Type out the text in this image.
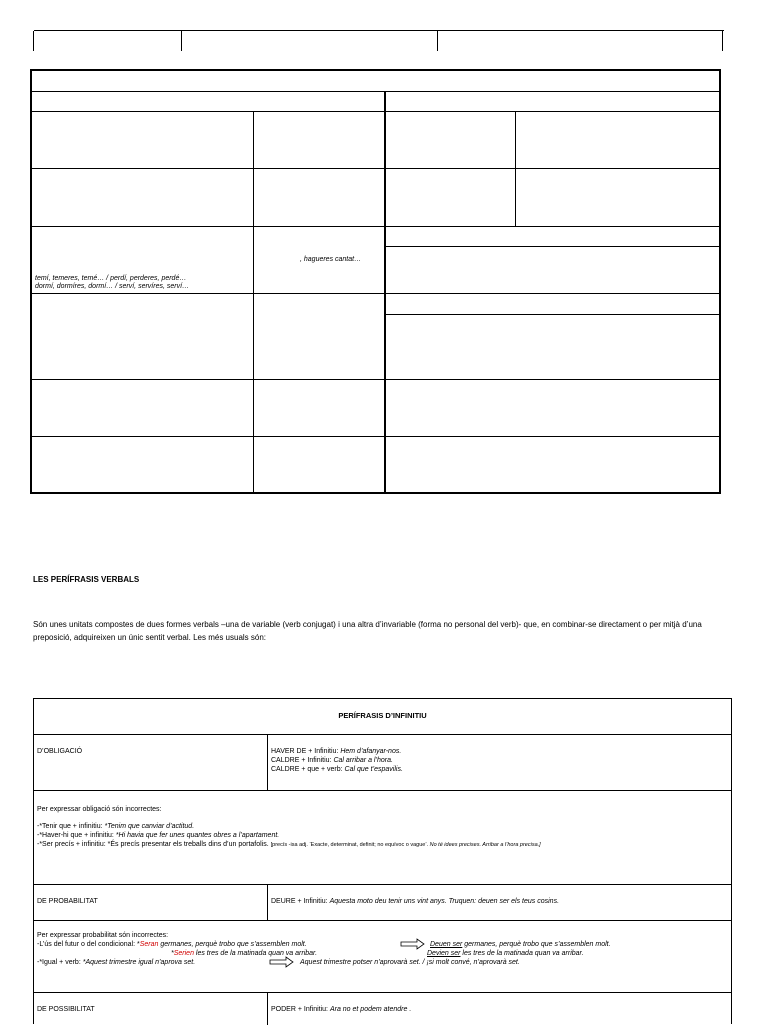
temí, temeres, temé… / perdí, perderes, perdé…
dormí, dormíres, dormí… / serví, servíres, serví…
, hagueres cantat…
LES PERÍFRASIS VERBALS
Són unes unitats compostes de dues formes verbals –una de variable (verb conjugat) i una altra d’invariable (forma no personal del verb)- que, en combinar-se directament o per mitjà d’una preposició, adquireixen un únic sentit verbal. Les més usuals són:
PERÍFRASIS D’INFINITIU
D’OBLIGACIÓ	HAVER DE + Infinitiu: Hem d’afanyar-nos.
CALDRE + Infinitiu: Cal arribar a l’hora.
CALDRE + que + verb: Cal que t’espavilis.
Per expressar obligació són incorrectes:
-*Tenir que + infinitiu: *Tenim que canviar d’actitud.
-*Haver-hi que + infinitiu: *Hi havia que fer unes quantes obres a l’apartament.
-*Ser precís + infinitiu: *És precís presentar els treballs dins d’un portafolis. [precís -isa adj. ‘Exacte, determinat, definit; no equívoc o vague’. No té idees precises. Arribar a l’hora precisa.]
DE PROBABILITAT	DEURE + Infinitiu: Aquesta moto deu tenir uns vint anys. Truquen: deuen ser els teus cosins.
Per expressar probabilitat són incorrectes:
-L’ús del futur o del condicional: *Seran germanes, perquè trobo que s’assemblen molt.	Deuen ser germanes, perquè trobo que s’assemblen molt.
*Serien les tres de la matinada quan va arribar.	Devien ser les tres de la matinada quan va arribar.
-*Igual + verb: *Aquest trimestre igual n’aprova set.	Aquest trimestre potser n’aprovarà set. / ¡si molt convé, n’aprovarà set.
DE POSSIBILITAT	PODER + Infinitiu: Ara no et podem atendre .
